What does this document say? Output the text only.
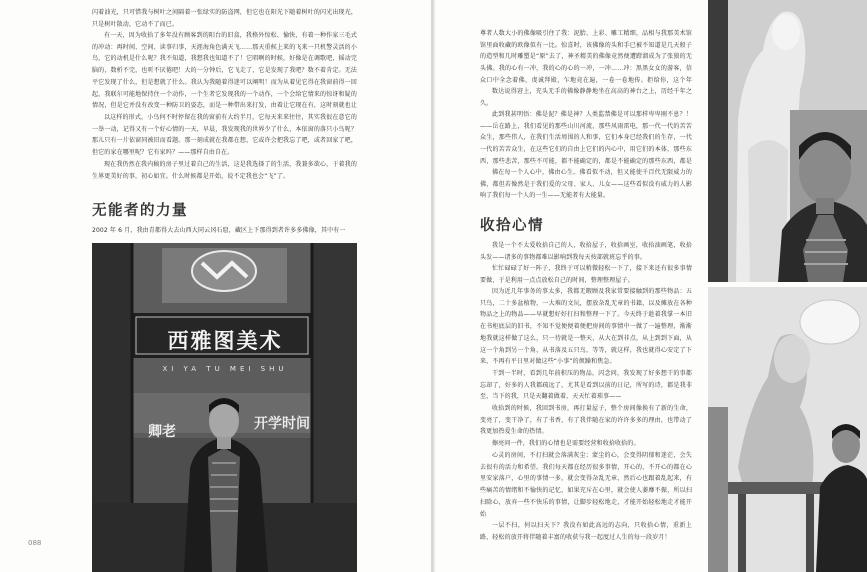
闪着油光，只可惜我与树叶之间隔着一张绿实的防盗网，但它也在阳光下随着树叶的闪光出现光，只是树叶散动，它动不了而已。

有一天，因为收拾了多年没有顾客到的阳台的旧盒，我格外惊松、愉快，有着一种作家三毛式的冲动：再时间、空间、读事归事，天涯海角色满天飞……那天重候上来的飞来一只机警灵活的小鸟，它的动机是什么呢？我不知道，我想我也知道不了！它唱啊的时候，好像是在调歌吧，摇动完脑的，数析不完，也听不厌倦吧！大的一分钟后，它飞走了，它是发现了我吧？数不着肯定。无法平它发现了什么，但是想就了什么。我认为我随着得迷可以阐明！而为从着见它得在我窗前得一回起，我联尔可能地保持住一个动作，一个生者它发现我的一个动作，一个会给它情来的惊讶和疑的情况，但是它并没有改变一种防卫的姿态，而是一种带出来打发，由着让它现在有，这时刻就也让

以这样的形式，小鸟何不时停留在我的窗前有大约半月，它每天来来往往，其实我很在意它的一举一动，记得又有一个好心情的一天，早晨，我发现我的世界少了什么，本依窗的落只小鸟呢？那儿只有一片依窗同被旧而看题。那一刻成就在我都在想，它或许会把我忘了吧，或者回家了吧，但它的家在哪里呢？它有家吗？——那样自由自在。

现在我仍然在我内稿的房子里过着自己的生活，这是我选择了的生活，我兼多欲心，于着我的生界更美好的事，初心如宜。什么时候都是开始，说不定我也会“飞”了。

无能者的力量

2002 年 6 月，我由青都得大去山西大同云冈石窟，藏区上下那得到者许多多佛像，其中有一

西雅图美术
XI YA TU MEI SHU
卿老	开学时间
088

尊者人数大小的佛像吸引住了我：泥胎、上彩、雕工精细，品相与我那美术馆馆里面收藏的欧像似有一比。惊喜时，该佛像的头和手已被不知道是几天般子的造型和几时雕塑是“原”去了，神圣精美的佛像竟然便遭蹬溜成为了张狼的无头佛。我的心有一冲，我的心的心的一冲，一冲……冲：黑黑女女的游客，信众口中全念着佛，虔诚拜殿，乍地竟在遍，一卷一卷地传。拒给你，这个年

数达说得窘上，充头无手的佛像静静地坐在高高的神台之上，历经千年之久。

此到我甚明悟：佛是泥？佛是神？人类监禁佛是可以那样卑卑刚不息？！——岳在路上，我们看见的那些山川河流，那些风雨雷电，那一代一代的苦苦众生，那些伟人，在我们生活周围的人和事，它们本身已经我们的生存，一代一代的苦苦众生，在这些它们的自由上它们的内心中，用它们的本体，那些东西，那些悲苦，那些不可能，都不能确定的，都是不能确定的那些东西，都是

佛在每一个人心中，佛由心生。佛看似不动，但又能使千百代无限威力的佛，都但若像然是于我们爱的父母、家人、儿女——这些看似没有威力的人影响了我们每一个人的一生——无能者有大能量。

收拾心情

我是一个不太爱收拾自己的人，收拾屋子，收拾画室，收拾油画笔，收拾头发——诸多的事物都难以影响到我每天按部就班忘乎的事。

忙忙碌碌了好一阵子，我终于可以稍微轻松一下了，接下来还有很多事情要做，于是利用一点点放松自己的时间，整理整理屋子。

因为近几年事务的事太多，我都无暇顾及我家常要接触到的那些物品：五只鸟，二十多盆植物，一大堆的文玩，摆放杂乱无章的书籍，以及摊放在各种物品之上的物品——早就想好好打扫和整理一下了。今天终于趁着我掌一本旧在书柜底层的旧书，不知不觉便便着便把房间的事情中一做了一遍整理，渐渐地我就这样做了这么，只一待就是一整天，从大在到非点，从上到到下面，从这一个角到另一个角，从书落及五只鸟，等等，就这样，我也就得心安定了下来，不再有平日里对做这些“小事”的烦躁和焦急。

干到一半时，看到几年前积压的物品，闪念问，我发现了好多想干的事都忘却了，好多的人我都疏远了，尤其是看到以前的日记，所写的诗，都是我非至，当下的我，只是天翻着做着，天天忙着琐事——

收拾到的时候，我回到书房，再打量屋子，整个房间像换有了新的生命，变亮了，变干净了，有了书香，有了我伴随在家的许许多多的理由，也带动了我更加热爱生命的热情。

擦亮问一件，我们的心情也是需要经营和收拾收拾的。

心灵的房间，不打扫就会落满灰尘；蒙尘的心，会变得阴郁和迷茫，会失去很有的活力和希望。我们每天都在经历很多事情，开心的、不开心的都在心里安家落户，心里的事情一多，就会变得杂乱无章，然后心也跟着乱起来，有些痛苦的情绪和不愉快的记忆，如果充斥在心里，就会使人萎靡不振，所以扫扫除心，放弃一些不快乐的事情，让脚步轻松地走，才能开始轻松地走才能开始

一层不扫，何以扫天下？我没有如此高远的志向，只收拾心情，重新上路，轻松的放开将伴随着丰富的收获与我一起度过人生的每一段岁月！
